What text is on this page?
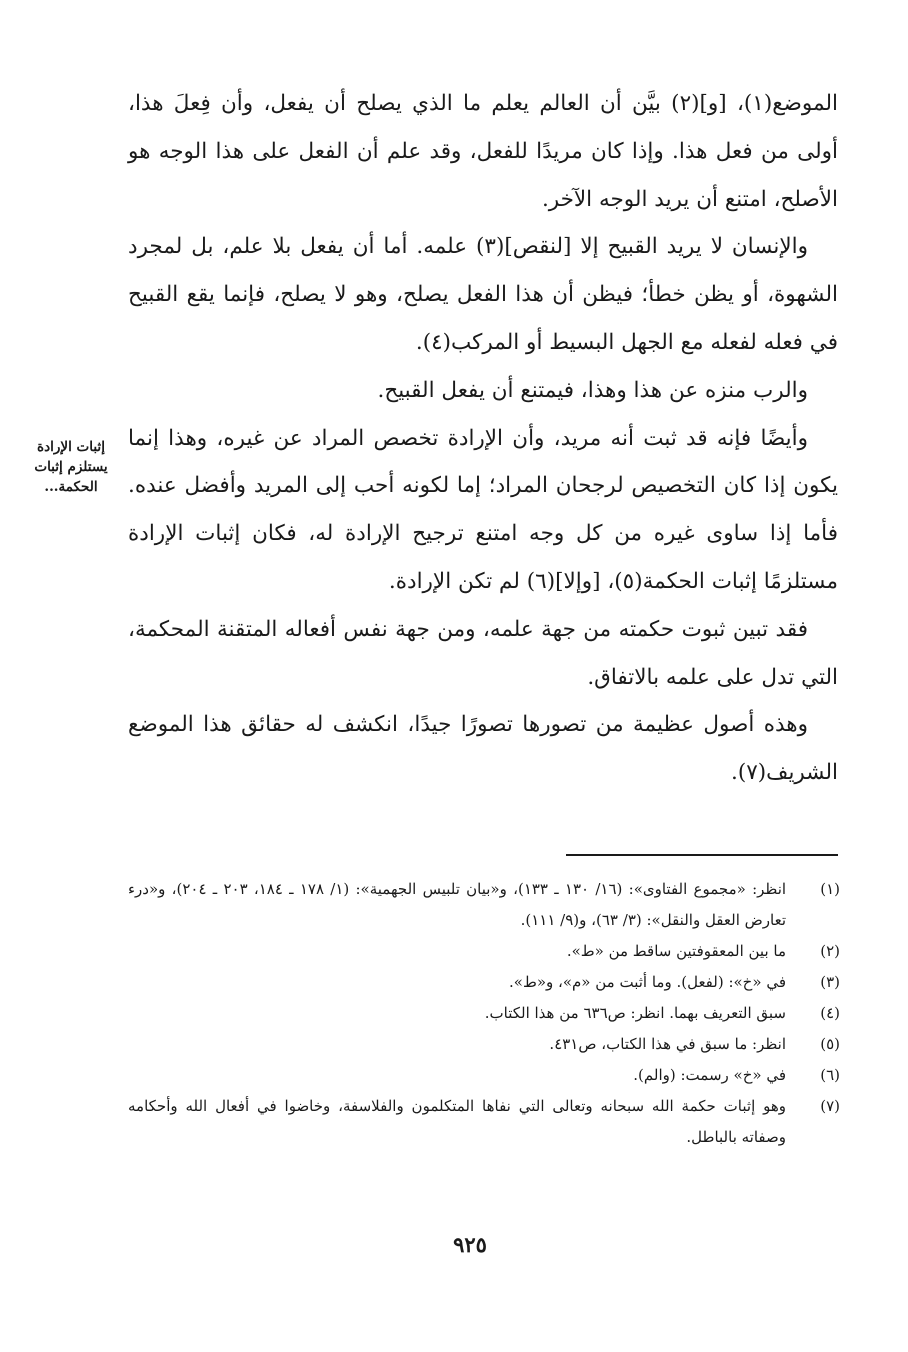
الموضع(١)، [و](٢) بيَّن أن العالم يعلم ما الذي يصلح أن يفعل، وأن فِعلَ هذا، أولى من فعل هذا. وإذا كان مريدًا للفعل، وقد علم أن الفعل على هذا الوجه هو الأصلح، امتنع أن يريد الوجه الآخر.

والإنسان لا يريد القبيح إلا [لنقص](٣) علمه. أما أن يفعل بلا علم، بل لمجرد الشهوة، أو يظن خطأ؛ فيظن أن هذا الفعل يصلح، وهو لا يصلح، فإنما يقع القبيح في فعله لفعله مع الجهل البسيط أو المركب(٤).

والرب منزه عن هذا وهذا، فيمتنع أن يفعل القبيح.

وأيضًا فإنه قد ثبت أنه مريد، وأن الإرادة تخصص المراد عن غيره، وهذا إنما يكون إذا كان التخصيص لرجحان المراد؛ إما لكونه أحب إلى المريد وأفضل عنده. فأما إذا ساوى غيره من كل وجه امتنع ترجيح الإرادة له، فكان إثبات الإرادة مستلزمًا إثبات الحكمة(٥)، [وإلا](٦) لم تكن الإرادة.

فقد تبين ثبوت حكمته من جهة علمه، ومن جهة نفس أفعاله المتقنة المحكمة، التي تدل على علمه بالاتفاق.

وهذه أصول عظيمة من تصورها تصورًا جيدًا، انكشف له حقائق هذا الموضع الشريف(٧).

إثبات الإرادة يستلزم إثبات الحكمة...
(١)
انظر: «مجموع الفتاوى»: (١٦/ ١٣٠ ـ ١٣٣)، و«بيان تلبيس الجهمية»: (١/ ١٧٨ ـ ١٨٤، ٢٠٣ ـ ٢٠٤)، و«درء تعارض العقل والنقل»: (٣/ ٦٣)، و(٩/ ١١١).
(٢)
ما بين المعقوفتين ساقط من «ط».
(٣)
في «خ»: (لفعل). وما أثبت من «م»، و«ط».
(٤)
سبق التعريف بهما. انظر: ص٦٣٦ من هذا الكتاب.
(٥)
انظر: ما سبق في هذا الكتاب، ص٤٣١.
(٦)
في «خ» رسمت: (والم).
(٧)
وهو إثبات حكمة الله سبحانه وتعالى التي نفاها المتكلمون والفلاسفة، وخاضوا في أفعال الله وأحكامه وصفاته بالباطل.
٩٢٥
